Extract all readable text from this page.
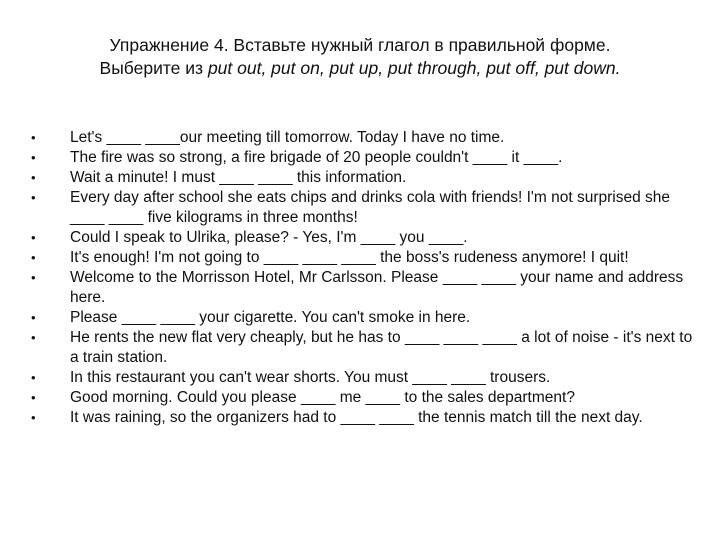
Упражнение 4. Вставьте нужный глагол в правильной форме.
Выберите из put out, put on, put up, put through, put off, put down.
• Let's ____ ____our meeting till tomorrow. Today I have no time.
• The fire was so strong, a fire brigade of 20 people couldn't ____ it ____.
• Wait a minute! I must ____ ____ this information.
• Every day after school she eats chips and drinks cola with friends! I'm not surprised she ____ ____ five kilograms in three months!
• Could I speak to Ulrika, please? - Yes, I'm ____ you ____.
• It's enough! I'm not going to ____ ____ ____ the boss's rudeness anymore! I quit!
• Welcome to the Morrisson Hotel, Mr Carlsson. Please ____ ____ your name and address here.
• Please ____ ____ your cigarette. You can't smoke in here.
• He rents the new flat very cheaply, but he has to ____ ____ ____ a lot of noise - it's next to a train station.
• In this restaurant you can't wear shorts. You must ____ ____ trousers.
• Good morning. Could you please ____ me ____ to the sales department?
• It was raining, so the organizers had to ____ ____ the tennis match till the next day.
